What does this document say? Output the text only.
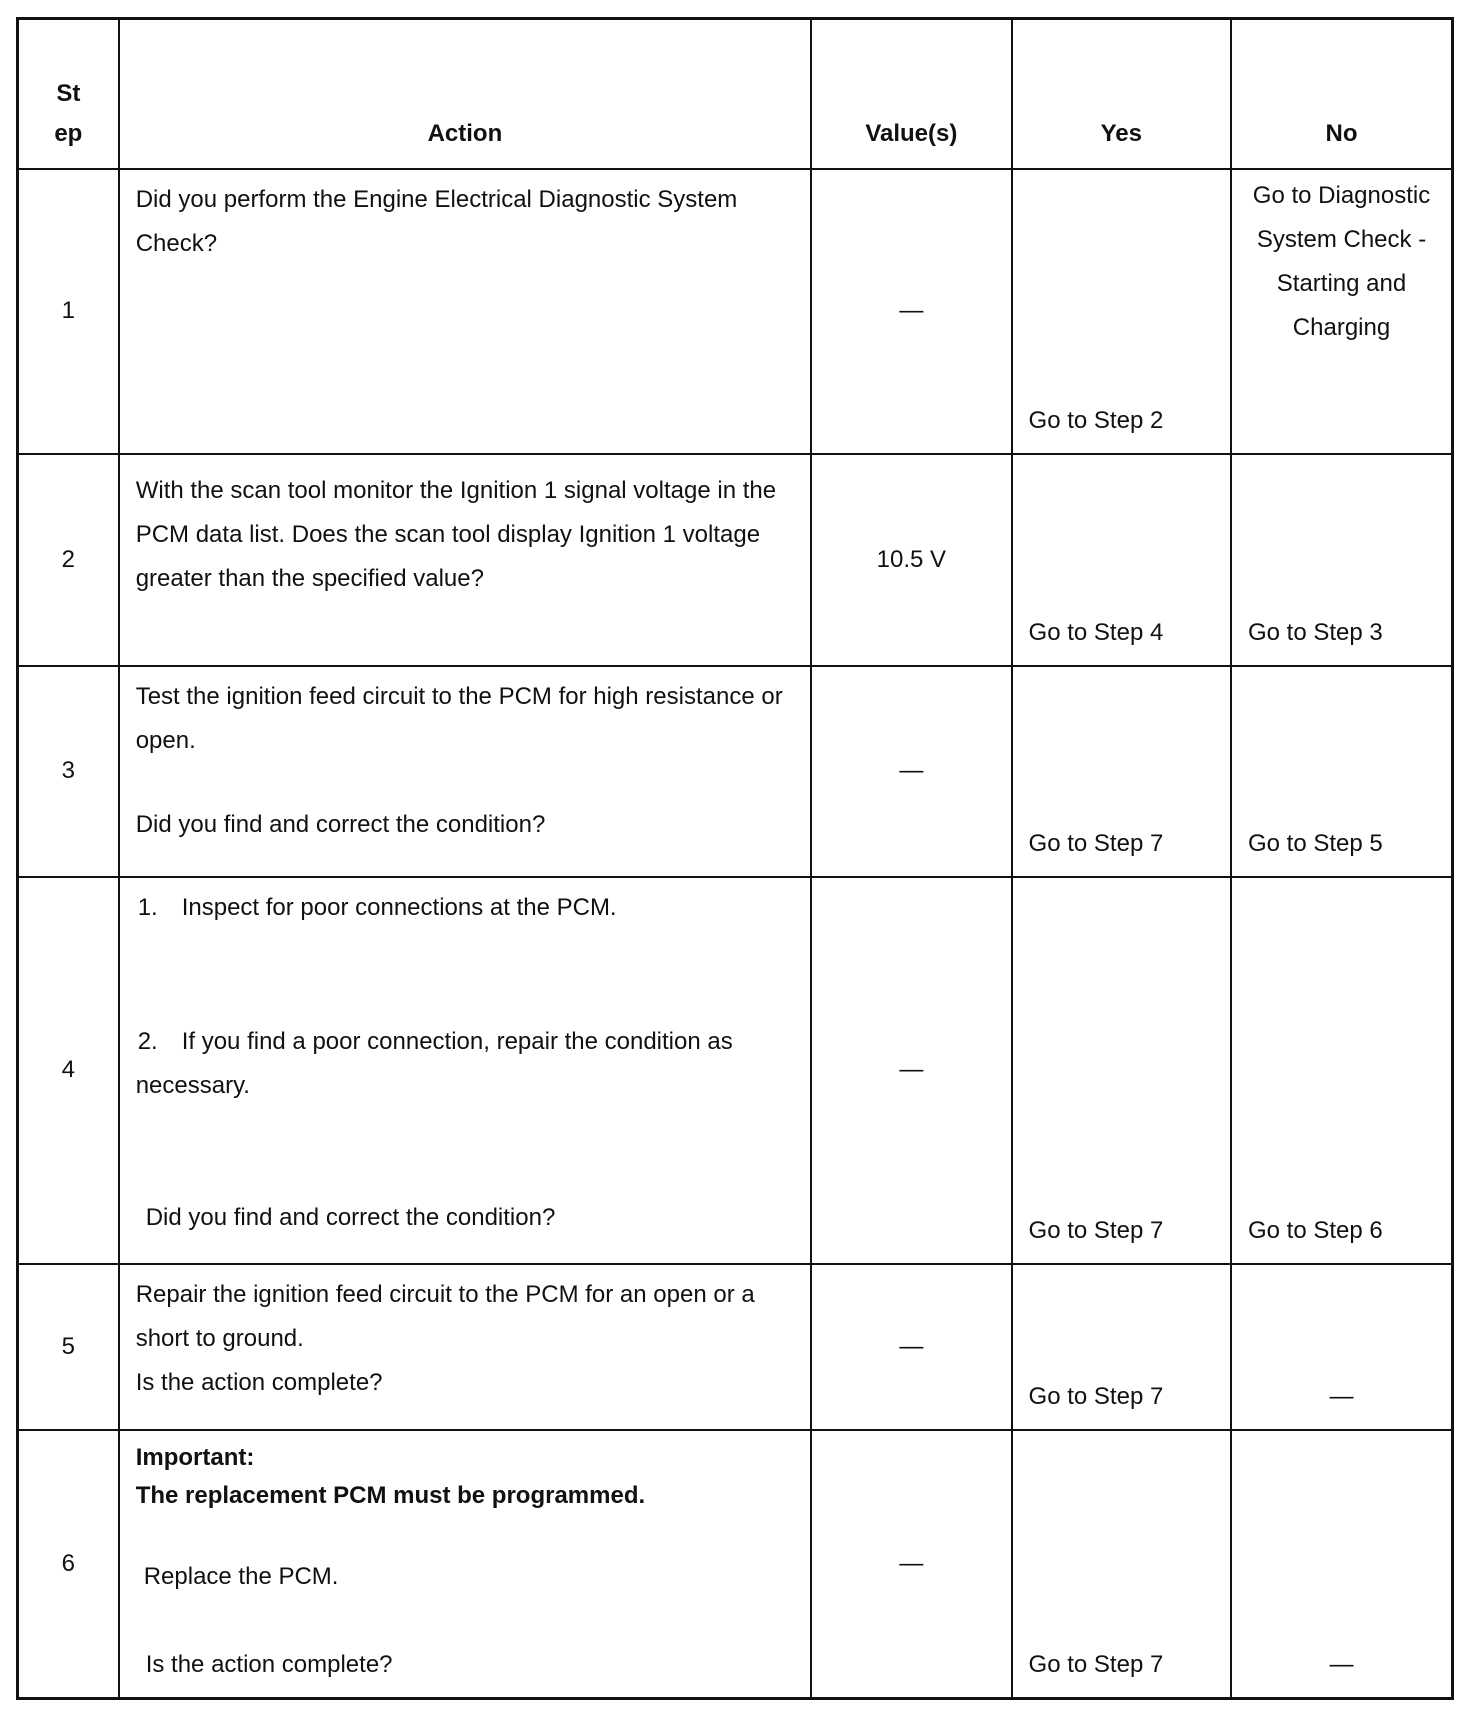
St ep	Action	Value(s)	Yes	No
1	Did you perform the Engine Electrical Diagnostic System Check?	—	Go to Step 2	Go to Diagnostic System Check - Starting and Charging
2	With the scan tool monitor the Ignition 1 signal voltage in the PCM data list. Does the scan tool display Ignition 1 voltage greater than the specified value?	10.5 V	Go to Step 4	Go to Step 3
3	Test the ignition feed circuit to the PCM for high resistance or open.
Did you find and correct the condition?	—	Go to Step 7	Go to Step 5
4	1. Inspect for poor connections at the PCM.
2. If you find a poor connection, repair the condition as necessary.
Did you find and correct the condition?	—	Go to Step 7	Go to Step 6
5	Repair the ignition feed circuit to the PCM for an open or a short to ground.
Is the action complete?	—	Go to Step 7	—
6	Important:
The replacement PCM must be programmed.
Replace the PCM.
Is the action complete?	—	Go to Step 7	—
